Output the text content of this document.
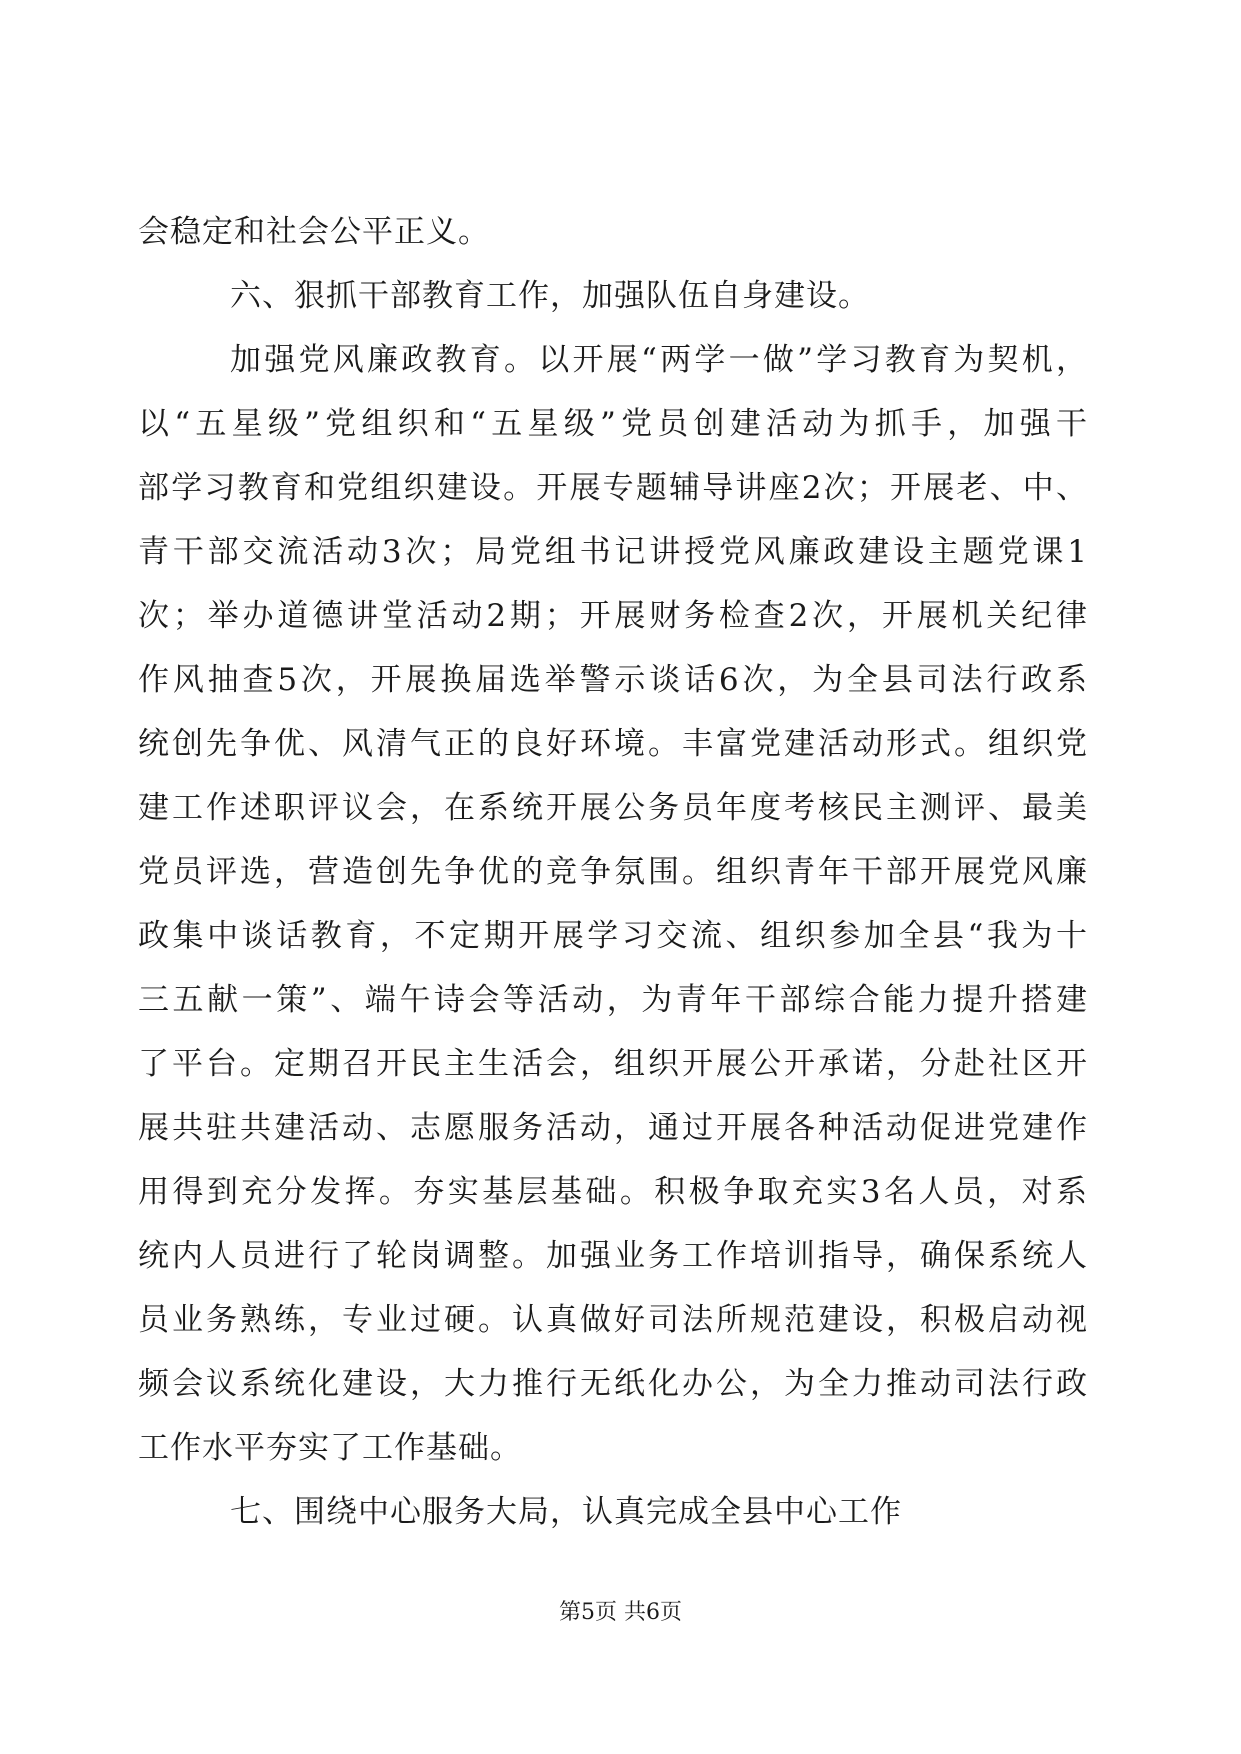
会稳定和社会公平正义。
六、狠抓干部教育工作，加强队伍自身建设。
加强党风廉政教育。以开展“两学一做”学习教育为契机，
以“五星级”党组织和“五星级”党员创建活动为抓手，加强干
部学习教育和党组织建设。开展专题辅导讲座2次；开展老、中、
青干部交流活动3次；局党组书记讲授党风廉政建设主题党课1
次；举办道德讲堂活动2期；开展财务检查2次，开展机关纪律
作风抽查5次，开展换届选举警示谈话6次，为全县司法行政系
统创先争优、风清气正的良好环境。丰富党建活动形式。组织党
建工作述职评议会，在系统开展公务员年度考核民主测评、最美
党员评选，营造创先争优的竞争氛围。组织青年干部开展党风廉
政集中谈话教育，不定期开展学习交流、组织参加全县“我为十
三五献一策”、端午诗会等活动，为青年干部综合能力提升搭建
了平台。定期召开民主生活会，组织开展公开承诺，分赴社区开
展共驻共建活动、志愿服务活动，通过开展各种活动促进党建作
用得到充分发挥。夯实基层基础。积极争取充实3名人员，对系
统内人员进行了轮岗调整。加强业务工作培训指导，确保系统人
员业务熟练，专业过硬。认真做好司法所规范建设，积极启动视
频会议系统化建设，大力推行无纸化办公，为全力推动司法行政
工作水平夯实了工作基础。
七、围绕中心服务大局，认真完成全县中心工作
第5页 共6页
